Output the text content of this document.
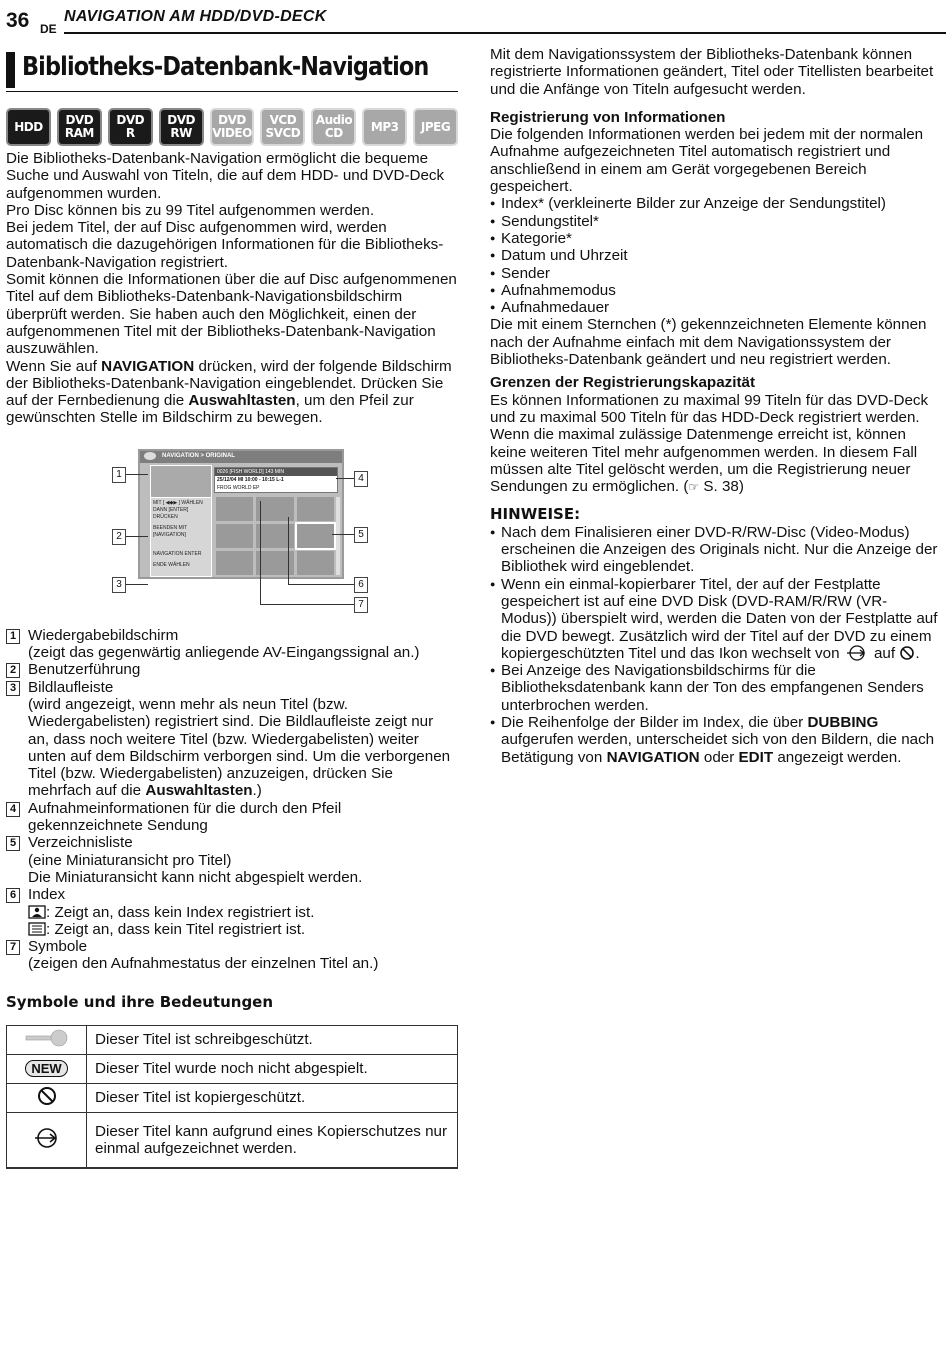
36 DE
NAVIGATION AM HDD/DVD-DECK
Bibliotheks-Datenbank-Navigation
HDD	DVD RAM
DVD R
DVD RW
DVD VIDEO
VCD SVCD
Audio CD	MP3	JPEG

Die Bibliotheks-Datenbank-Navigation ermöglicht die bequeme Suche und Auswahl von Titeln, die auf dem HDD- und DVD-Deck aufgenommen wurden.

Pro Disc können bis zu 99 Titel aufgenommen werden.

Bei jedem Titel, der auf Disc aufgenommen wird, werden automatisch die dazugehörigen Informationen für die Bibliotheks-Datenbank-Navigation registriert.

Somit können die Informationen über die auf Disc aufgenommenen Titel auf dem Bibliotheks-Datenbank-Navigationsbildschirm überprüft werden. Sie haben auch den Möglichkeit, einen der aufgenommenen Titel mit der Bibliotheks-Datenbank-Navigation auszuwählen.

Wenn Sie auf NAVIGATION drücken, wird der folgende Bildschirm der Bibliotheks-Datenbank-Navigation eingeblendet. Drücken Sie auf der Fernbedienung die Auswahltasten, um den Pfeil zur gewünschten Stelle im Bildschirm zu bewegen.

NAVIGATION > ORIGINAL
0026 [FISH WORLD] 143 MIN
25/12/04 MI 10:00 - 10:15 L-1
FROG WORLD EP
MIT [ ◀◆▶ ] WÄHLEN DANN [ENTER] DRÜCKEN
BEENDEN MIT [NAVIGATION]
NAVIGATION ENTER
ENDE WÄHLEN
1
2
3
4
5
6
7
1 Wiedergabebildschirm
(zeigt das gegenwärtig anliegende AV-Eingangssignal an.)
2 Benutzerführung
3 Bildlaufleiste
(wird angezeigt, wenn mehr als neun Titel (bzw. Wiedergabelisten) registriert sind. Die Bildlaufleiste zeigt nur an, dass noch weitere Titel (bzw. Wiedergabelisten) weiter unten auf dem Bildschirm verborgen sind. Um die verborgenen Titel (bzw. Wiedergabelisten) anzuzeigen, drücken Sie mehrfach auf die Auswahltasten.)
4 Aufnahmeinformationen für die durch den Pfeil gekennzeichnete Sendung
5 Verzeichnisliste
(eine Miniaturansicht pro Titel)
Die Miniaturansicht kann nicht abgespielt werden.
6 Index
: Zeigt an, dass kein Index registriert ist.
: Zeigt an, dass kein Titel registriert ist.
7 Symbole
(zeigen den Aufnahmestatus der einzelnen Titel an.)
Symbole und ihre Bedeutungen
	Dieser Titel ist schreibgeschützt.
NEW	Dieser Titel wurde noch nicht abgespielt.
	Dieser Titel ist kopiergeschützt.
	Dieser Titel kann aufgrund eines Kopierschutzes nur einmal aufgezeichnet werden.

Mit dem Navigationssystem der Bibliotheks-Datenbank können registrierte Informationen geändert, Titel oder Titellisten bearbeitet und die Anfänge von Titeln aufgesucht werden.

Registrierung von Informationen

Die folgenden Informationen werden bei jedem mit der normalen Aufnahme aufgezeichneten Titel automatisch registriert und anschließend in einem am Gerät vorgegebenen Bereich gespeichert.

● Index* (verkleinerte Bilder zur Anzeige der Sendungstitel)
● Sendungstitel*
● Kategorie*
● Datum und Uhrzeit
● Sender
● Aufnahmemodus
● Aufnahmedauer

Die mit einem Sternchen (*) gekennzeichneten Elemente können nach der Aufnahme einfach mit dem Navigationssystem der Bibliotheks-Datenbank geändert und neu registriert werden.

Grenzen der Registrierungskapazität

Es können Informationen zu maximal 99 Titeln für das DVD-Deck und zu maximal 500 Titeln für das HDD-Deck registriert werden. Wenn die maximal zulässige Datenmenge erreicht ist, können keine weiteren Titel mehr aufgenommen werden. In diesem Fall müssen alte Titel gelöscht werden, um die Registrierung neuer Sendungen zu ermöglichen. (☞ S. 38)

HINWEISE:
● Nach dem Finalisieren einer DVD-R/RW-Disc (Video-Modus) erscheinen die Anzeigen des Originals nicht. Nur die Anzeige der Bibliothek wird eingeblendet.
● Wenn ein einmal-kopierbarer Titel, der auf der Festplatte gespeichert ist auf eine DVD Disk (DVD-RAM/R/RW (VR-Modus)) überspielt wird, werden die Daten von der Festplatte auf die DVD bewegt. Zusätzlich wird der Titel auf der DVD zu einem kopiergeschützten Titel und das Ikon wechselt von  auf .
● Bei Anzeige des Navigationsbildschirms für die Bibliotheksdatenbank kann der Ton des empfangenen Senders unterbrochen werden.
● Die Reihenfolge der Bilder im Index, die über DUBBING aufgerufen werden, unterscheidet sich von den Bildern, die nach Betätigung von NAVIGATION oder EDIT angezeigt werden.
